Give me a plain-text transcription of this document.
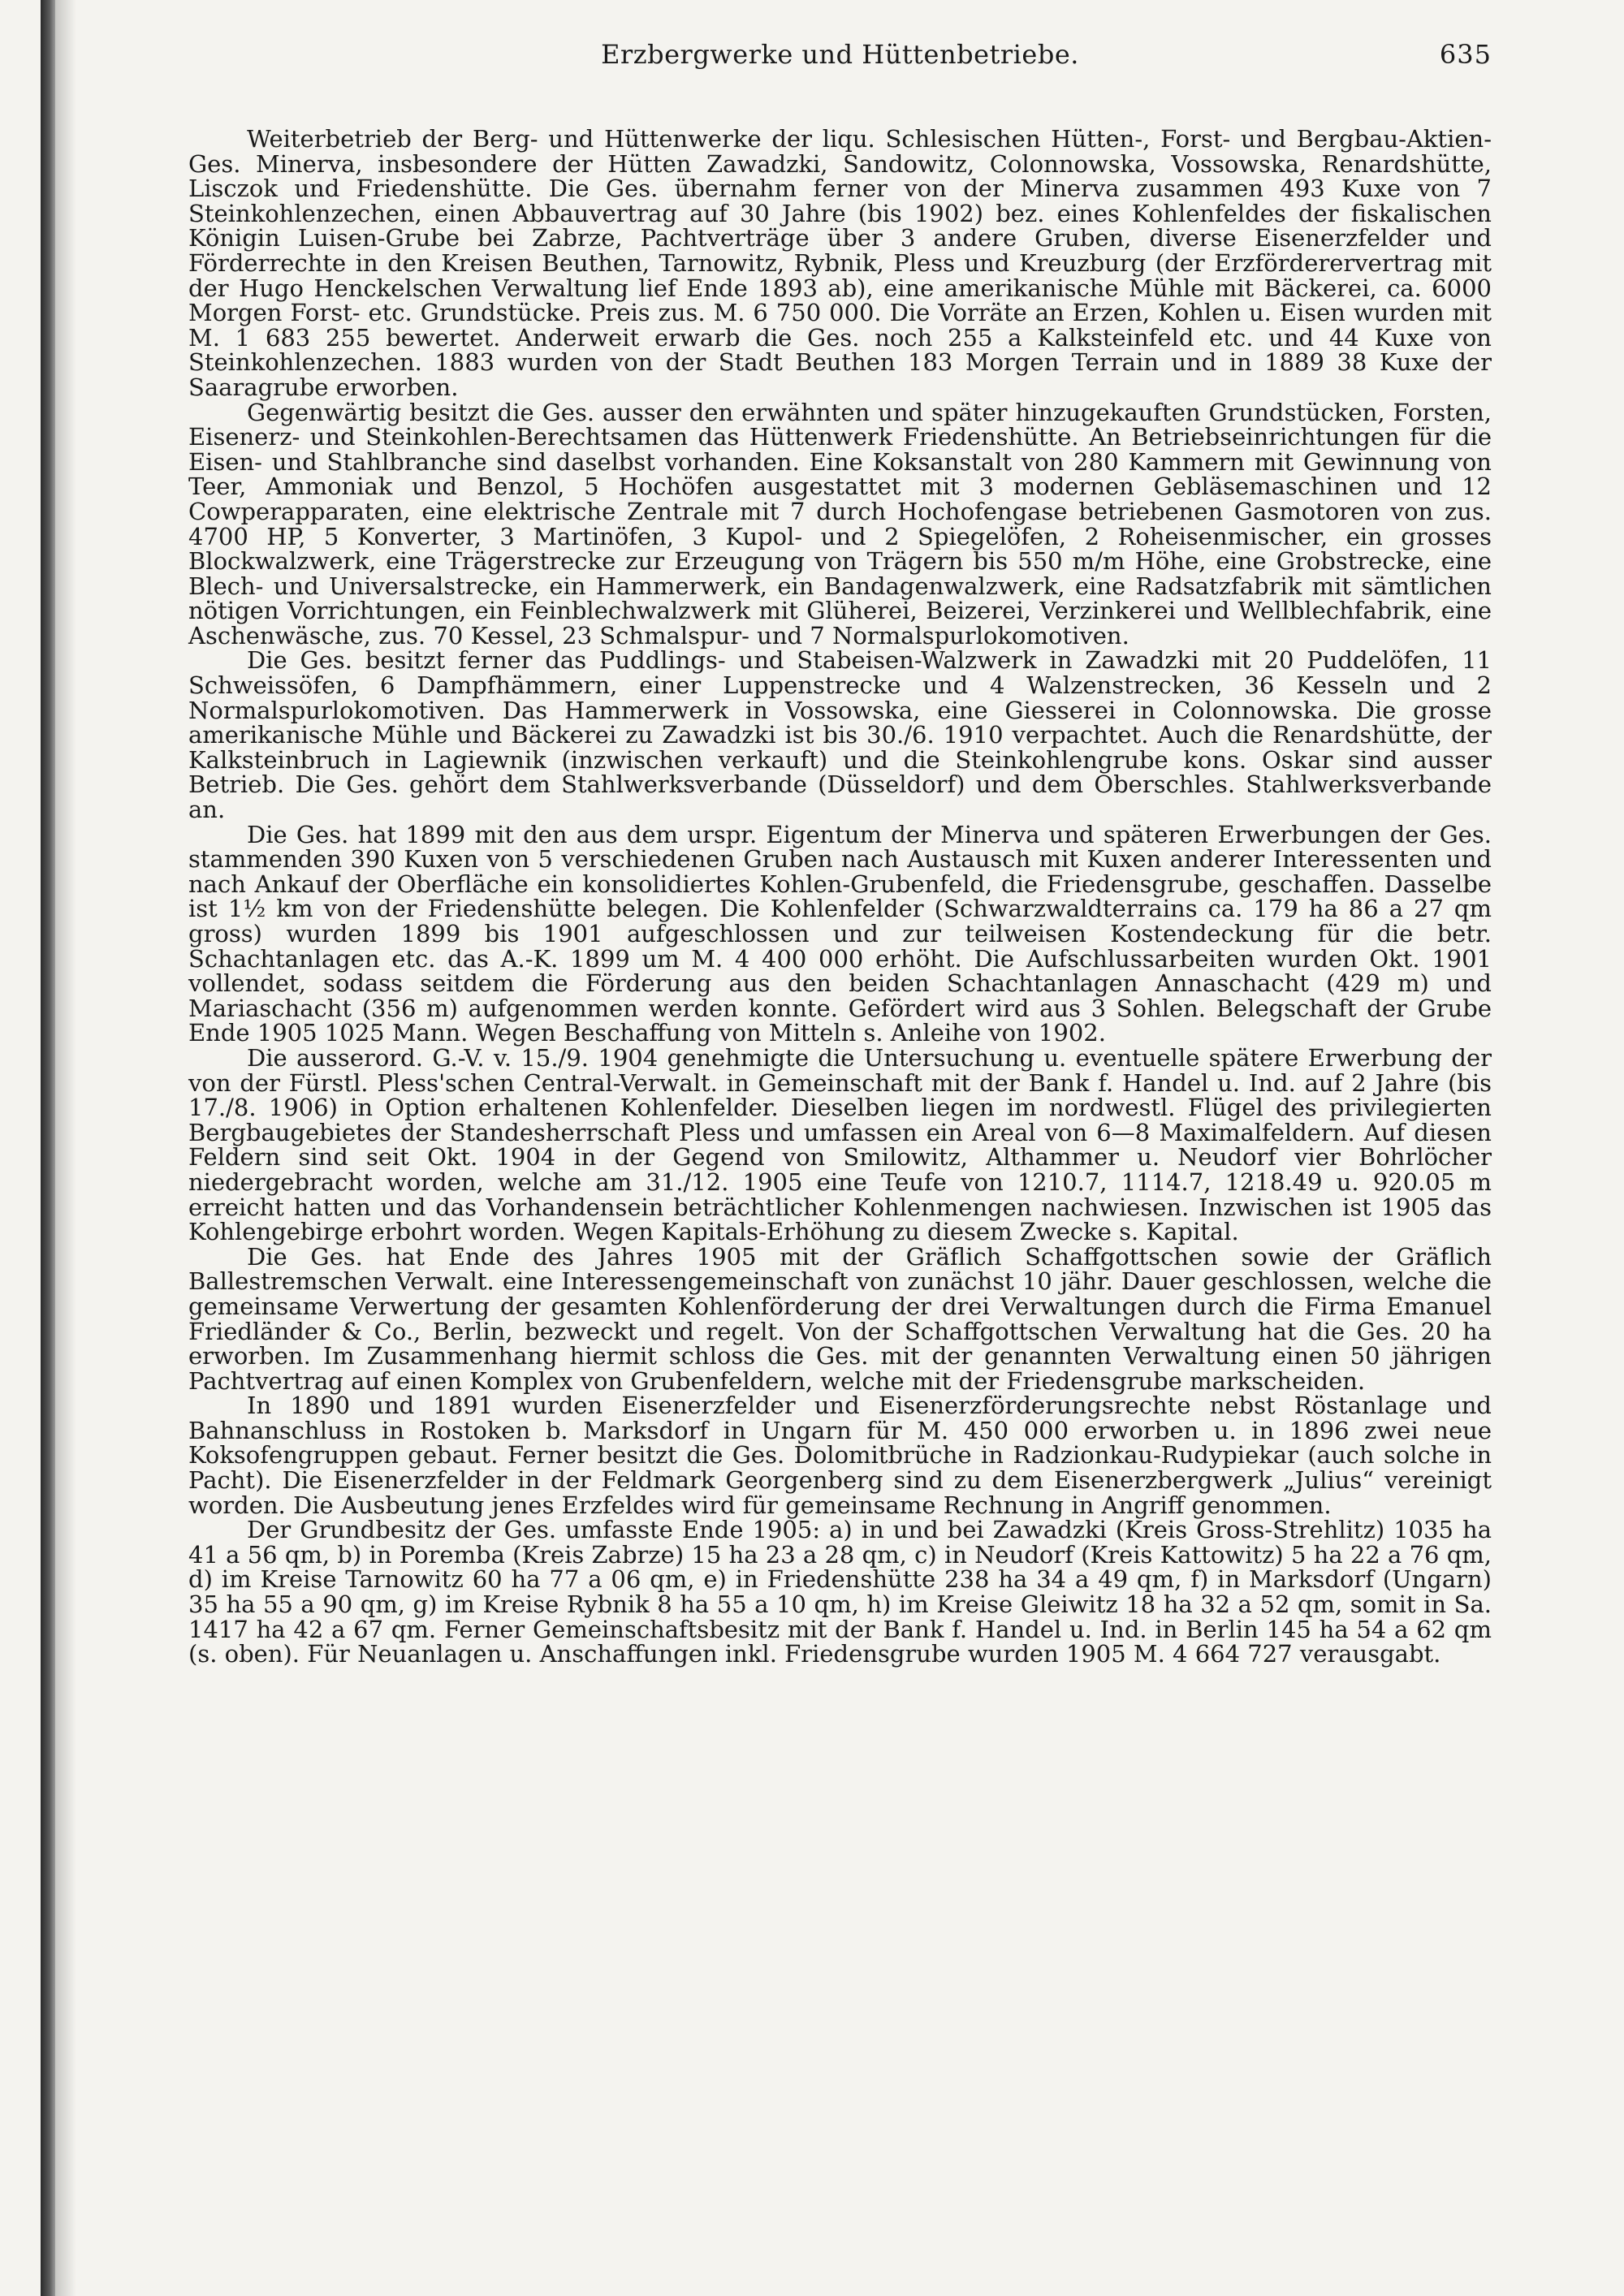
Erzbergwerke und Hüttenbetriebe.	635

Weiterbetrieb der Berg- und Hüttenwerke der liqu. Schlesischen Hütten-, Forst- und Bergbau-Aktien-Ges. Minerva, insbesondere der Hütten Zawadzki, Sandowitz, Colonnowska, Vossowska, Renardshütte, Lisczok und Friedenshütte. Die Ges. übernahm ferner von der Minerva zusammen 493 Kuxe von 7 Steinkohlenzechen, einen Abbauvertrag auf 30 Jahre (bis 1902) bez. eines Kohlenfeldes der fiskalischen Königin Luisen-Grube bei Zabrze, Pachtverträge über 3 andere Gruben, diverse Eisenerzfelder und Förderrechte in den Kreisen Beuthen, Tarnowitz, Rybnik, Pless und Kreuzburg (der Erzförderervertrag mit der Hugo Henckelschen Verwaltung lief Ende 1893 ab), eine amerikanische Mühle mit Bäckerei, ca. 6000 Morgen Forst- etc. Grundstücke. Preis zus. M. 6 750 000. Die Vorräte an Erzen, Kohlen u. Eisen wurden mit M. 1 683 255 bewertet. Anderweit erwarb die Ges. noch 255 a Kalksteinfeld etc. und 44 Kuxe von Steinkohlenzechen. 1883 wurden von der Stadt Beuthen 183 Morgen Terrain und in 1889 38 Kuxe der Saaragrube erworben.

Gegenwärtig besitzt die Ges. ausser den erwähnten und später hinzugekauften Grundstücken, Forsten, Eisenerz- und Steinkohlen-Berechtsamen das Hüttenwerk Friedenshütte. An Betriebseinrichtungen für die Eisen- und Stahlbranche sind daselbst vorhanden. Eine Koksanstalt von 280 Kammern mit Gewinnung von Teer, Ammoniak und Benzol, 5 Hochöfen ausgestattet mit 3 modernen Gebläsemaschinen und 12 Cowperapparaten, eine elektrische Zentrale mit 7 durch Hochofengase betriebenen Gasmotoren von zus. 4700 HP, 5 Konverter, 3 Martinöfen, 3 Kupol- und 2 Spiegelöfen, 2 Roheisenmischer, ein grosses Blockwalzwerk, eine Trägerstrecke zur Erzeugung von Trägern bis 550 m/m Höhe, eine Grobstrecke, eine Blech- und Universalstrecke, ein Hammerwerk, ein Bandagenwalzwerk, eine Radsatzfabrik mit sämtlichen nötigen Vorrichtungen, ein Feinblechwalzwerk mit Glüherei, Beizerei, Verzinkerei und Wellblechfabrik, eine Aschenwäsche, zus. 70 Kessel, 23 Schmalspur- und 7 Normalspurlokomotiven.

Die Ges. besitzt ferner das Puddlings- und Stabeisen-Walzwerk in Zawadzki mit 20 Puddelöfen, 11 Schweissöfen, 6 Dampfhämmern, einer Luppenstrecke und 4 Walzenstrecken, 36 Kesseln und 2 Normalspurlokomotiven. Das Hammerwerk in Vossowska, eine Giesserei in Colonnowska. Die grosse amerikanische Mühle und Bäckerei zu Zawadzki ist bis 30./6. 1910 verpachtet. Auch die Renardshütte, der Kalksteinbruch in Lagiewnik (inzwischen verkauft) und die Steinkohlengrube kons. Oskar sind ausser Betrieb. Die Ges. gehört dem Stahlwerksverbande (Düsseldorf) und dem Oberschles. Stahlwerksverbande an.

Die Ges. hat 1899 mit den aus dem urspr. Eigentum der Minerva und späteren Erwerbungen der Ges. stammenden 390 Kuxen von 5 verschiedenen Gruben nach Austausch mit Kuxen anderer Interessenten und nach Ankauf der Oberfläche ein konsolidiertes Kohlen-Grubenfeld, die Friedensgrube, geschaffen. Dasselbe ist 1½ km von der Friedenshütte belegen. Die Kohlenfelder (Schwarzwaldterrains ca. 179 ha 86 a 27 qm gross) wurden 1899 bis 1901 aufgeschlossen und zur teilweisen Kostendeckung für die betr. Schachtanlagen etc. das A.-K. 1899 um M. 4 400 000 erhöht. Die Aufschlussarbeiten wurden Okt. 1901 vollendet, sodass seitdem die Förderung aus den beiden Schachtanlagen Annaschacht (429 m) und Mariaschacht (356 m) aufgenommen werden konnte. Gefördert wird aus 3 Sohlen. Belegschaft der Grube Ende 1905 1025 Mann. Wegen Beschaffung von Mitteln s. Anleihe von 1902.

Die ausserord. G.-V. v. 15./9. 1904 genehmigte die Untersuchung u. eventuelle spätere Erwerbung der von der Fürstl. Pless'schen Central-Verwalt. in Gemeinschaft mit der Bank f. Handel u. Ind. auf 2 Jahre (bis 17./8. 1906) in Option erhaltenen Kohlenfelder. Dieselben liegen im nordwestl. Flügel des privilegierten Bergbaugebietes der Standesherrschaft Pless und umfassen ein Areal von 6—8 Maximalfeldern. Auf diesen Feldern sind seit Okt. 1904 in der Gegend von Smilowitz, Althammer u. Neudorf vier Bohrlöcher niedergebracht worden, welche am 31./12. 1905 eine Teufe von 1210.7, 1114.7, 1218.49 u. 920.05 m erreicht hatten und das Vorhandensein beträchtlicher Kohlenmengen nachwiesen. Inzwischen ist 1905 das Kohlengebirge erbohrt worden. Wegen Kapitals-Erhöhung zu diesem Zwecke s. Kapital.

Die Ges. hat Ende des Jahres 1905 mit der Gräflich Schaffgottschen sowie der Gräflich Ballestremschen Verwalt. eine Interessengemeinschaft von zunächst 10 jähr. Dauer geschlossen, welche die gemeinsame Verwertung der gesamten Kohlenförderung der drei Verwaltungen durch die Firma Emanuel Friedländer & Co., Berlin, bezweckt und regelt. Von der Schaffgottschen Verwaltung hat die Ges. 20 ha erworben. Im Zusammenhang hiermit schloss die Ges. mit der genannten Verwaltung einen 50 jährigen Pachtvertrag auf einen Komplex von Grubenfeldern, welche mit der Friedensgrube markscheiden.

In 1890 und 1891 wurden Eisenerzfelder und Eisenerzförderungsrechte nebst Röstanlage und Bahnanschluss in Rostoken b. Marksdorf in Ungarn für M. 450 000 erworben u. in 1896 zwei neue Koksofengruppen gebaut. Ferner besitzt die Ges. Dolomitbrüche in Radzionkau-Rudypiekar (auch solche in Pacht). Die Eisenerzfelder in der Feldmark Georgenberg sind zu dem Eisenerzbergwerk „Julius“ vereinigt worden. Die Ausbeutung jenes Erzfeldes wird für gemeinsame Rechnung in Angriff genommen.

Der Grundbesitz der Ges. umfasste Ende 1905: a) in und bei Zawadzki (Kreis Gross-Strehlitz) 1035 ha 41 a 56 qm, b) in Poremba (Kreis Zabrze) 15 ha 23 a 28 qm, c) in Neudorf (Kreis Kattowitz) 5 ha 22 a 76 qm, d) im Kreise Tarnowitz 60 ha 77 a 06 qm, e) in Friedenshütte 238 ha 34 a 49 qm, f) in Marksdorf (Ungarn) 35 ha 55 a 90 qm, g) im Kreise Rybnik 8 ha 55 a 10 qm, h) im Kreise Gleiwitz 18 ha 32 a 52 qm, somit in Sa. 1417 ha 42 a 67 qm. Ferner Gemeinschaftsbesitz mit der Bank f. Handel u. Ind. in Berlin 145 ha 54 a 62 qm (s. oben). Für Neuanlagen u. Anschaffungen inkl. Friedensgrube wurden 1905 M. 4 664 727 verausgabt.
